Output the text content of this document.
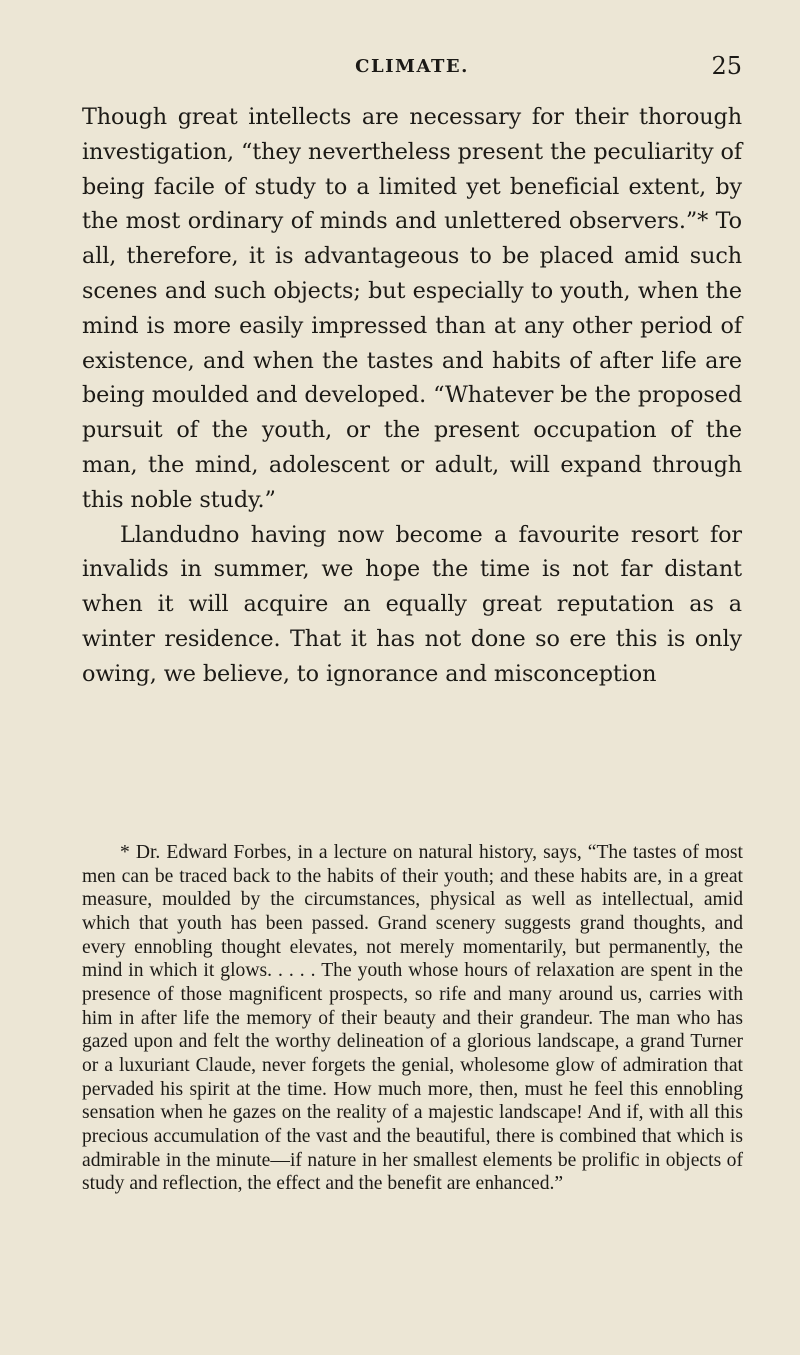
CLIMATE.	25

Though great intellects are necessary for their thorough investigation, “they nevertheless present the peculiarity of being facile of study to a limited yet beneficial extent, by the most ordinary of minds and unlettered observers.”* To all, therefore, it is advantageous to be placed amid such scenes and such objects; but especially to youth, when the mind is more easily impressed than at any other period of existence, and when the tastes and habits of after life are being moulded and developed. “Whatever be the proposed pursuit of the youth, or the present occupation of the man, the mind, adolescent or adult, will expand through this noble study.”

Llandudno having now become a favourite resort for invalids in summer, we hope the time is not far distant when it will acquire an equally great reputation as a winter residence. That it has not done so ere this is only owing, we believe, to ignorance and misconception

* Dr. Edward Forbes, in a lecture on natural history, says, “The tastes of most men can be traced back to the habits of their youth; and these habits are, in a great measure, moulded by the circumstances, physical as well as intellectual, amid which that youth has been passed. Grand scenery suggests grand thoughts, and every ennobling thought elevates, not merely momentarily, but permanently, the mind in which it glows. . . . . The youth whose hours of relaxation are spent in the presence of those magnificent prospects, so rife and many around us, carries with him in after life the memory of their beauty and their grandeur. The man who has gazed upon and felt the worthy delineation of a glorious landscape, a grand Turner or a luxuriant Claude, never forgets the genial, wholesome glow of admiration that pervaded his spirit at the time. How much more, then, must he feel this ennobling sensation when he gazes on the reality of a majestic landscape! And if, with all this precious accumulation of the vast and the beautiful, there is combined that which is admirable in the minute—if nature in her smallest elements be prolific in objects of study and reflection, the effect and the benefit are enhanced.”
